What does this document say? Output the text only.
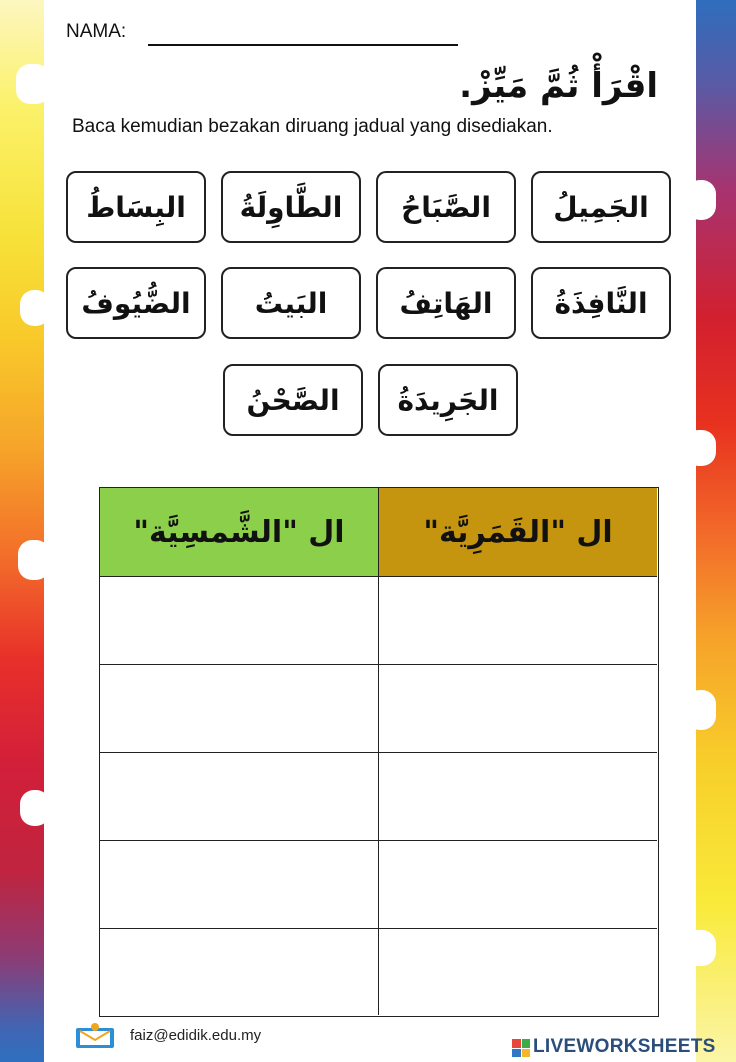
NAMA:
اقْرَأْ ثُمَّ مَيِّزْ.
Baca kemudian bezakan diruang jadual yang disediakan.
الجَمِيلُ
الصَّبَاحُ
الطَّاوِلَةُ
البِسَاطُ
النَّافِذَةُ
الهَاتِفُ
البَيتُ
الضُّيُوفُ
الجَرِيدَةُ
الصَّحْنُ
ال "الشَّمسِيَّة"	ال "القَمَرِيَّة"
faiz@edidik.edu.my
LIVEWORKSHEETS
